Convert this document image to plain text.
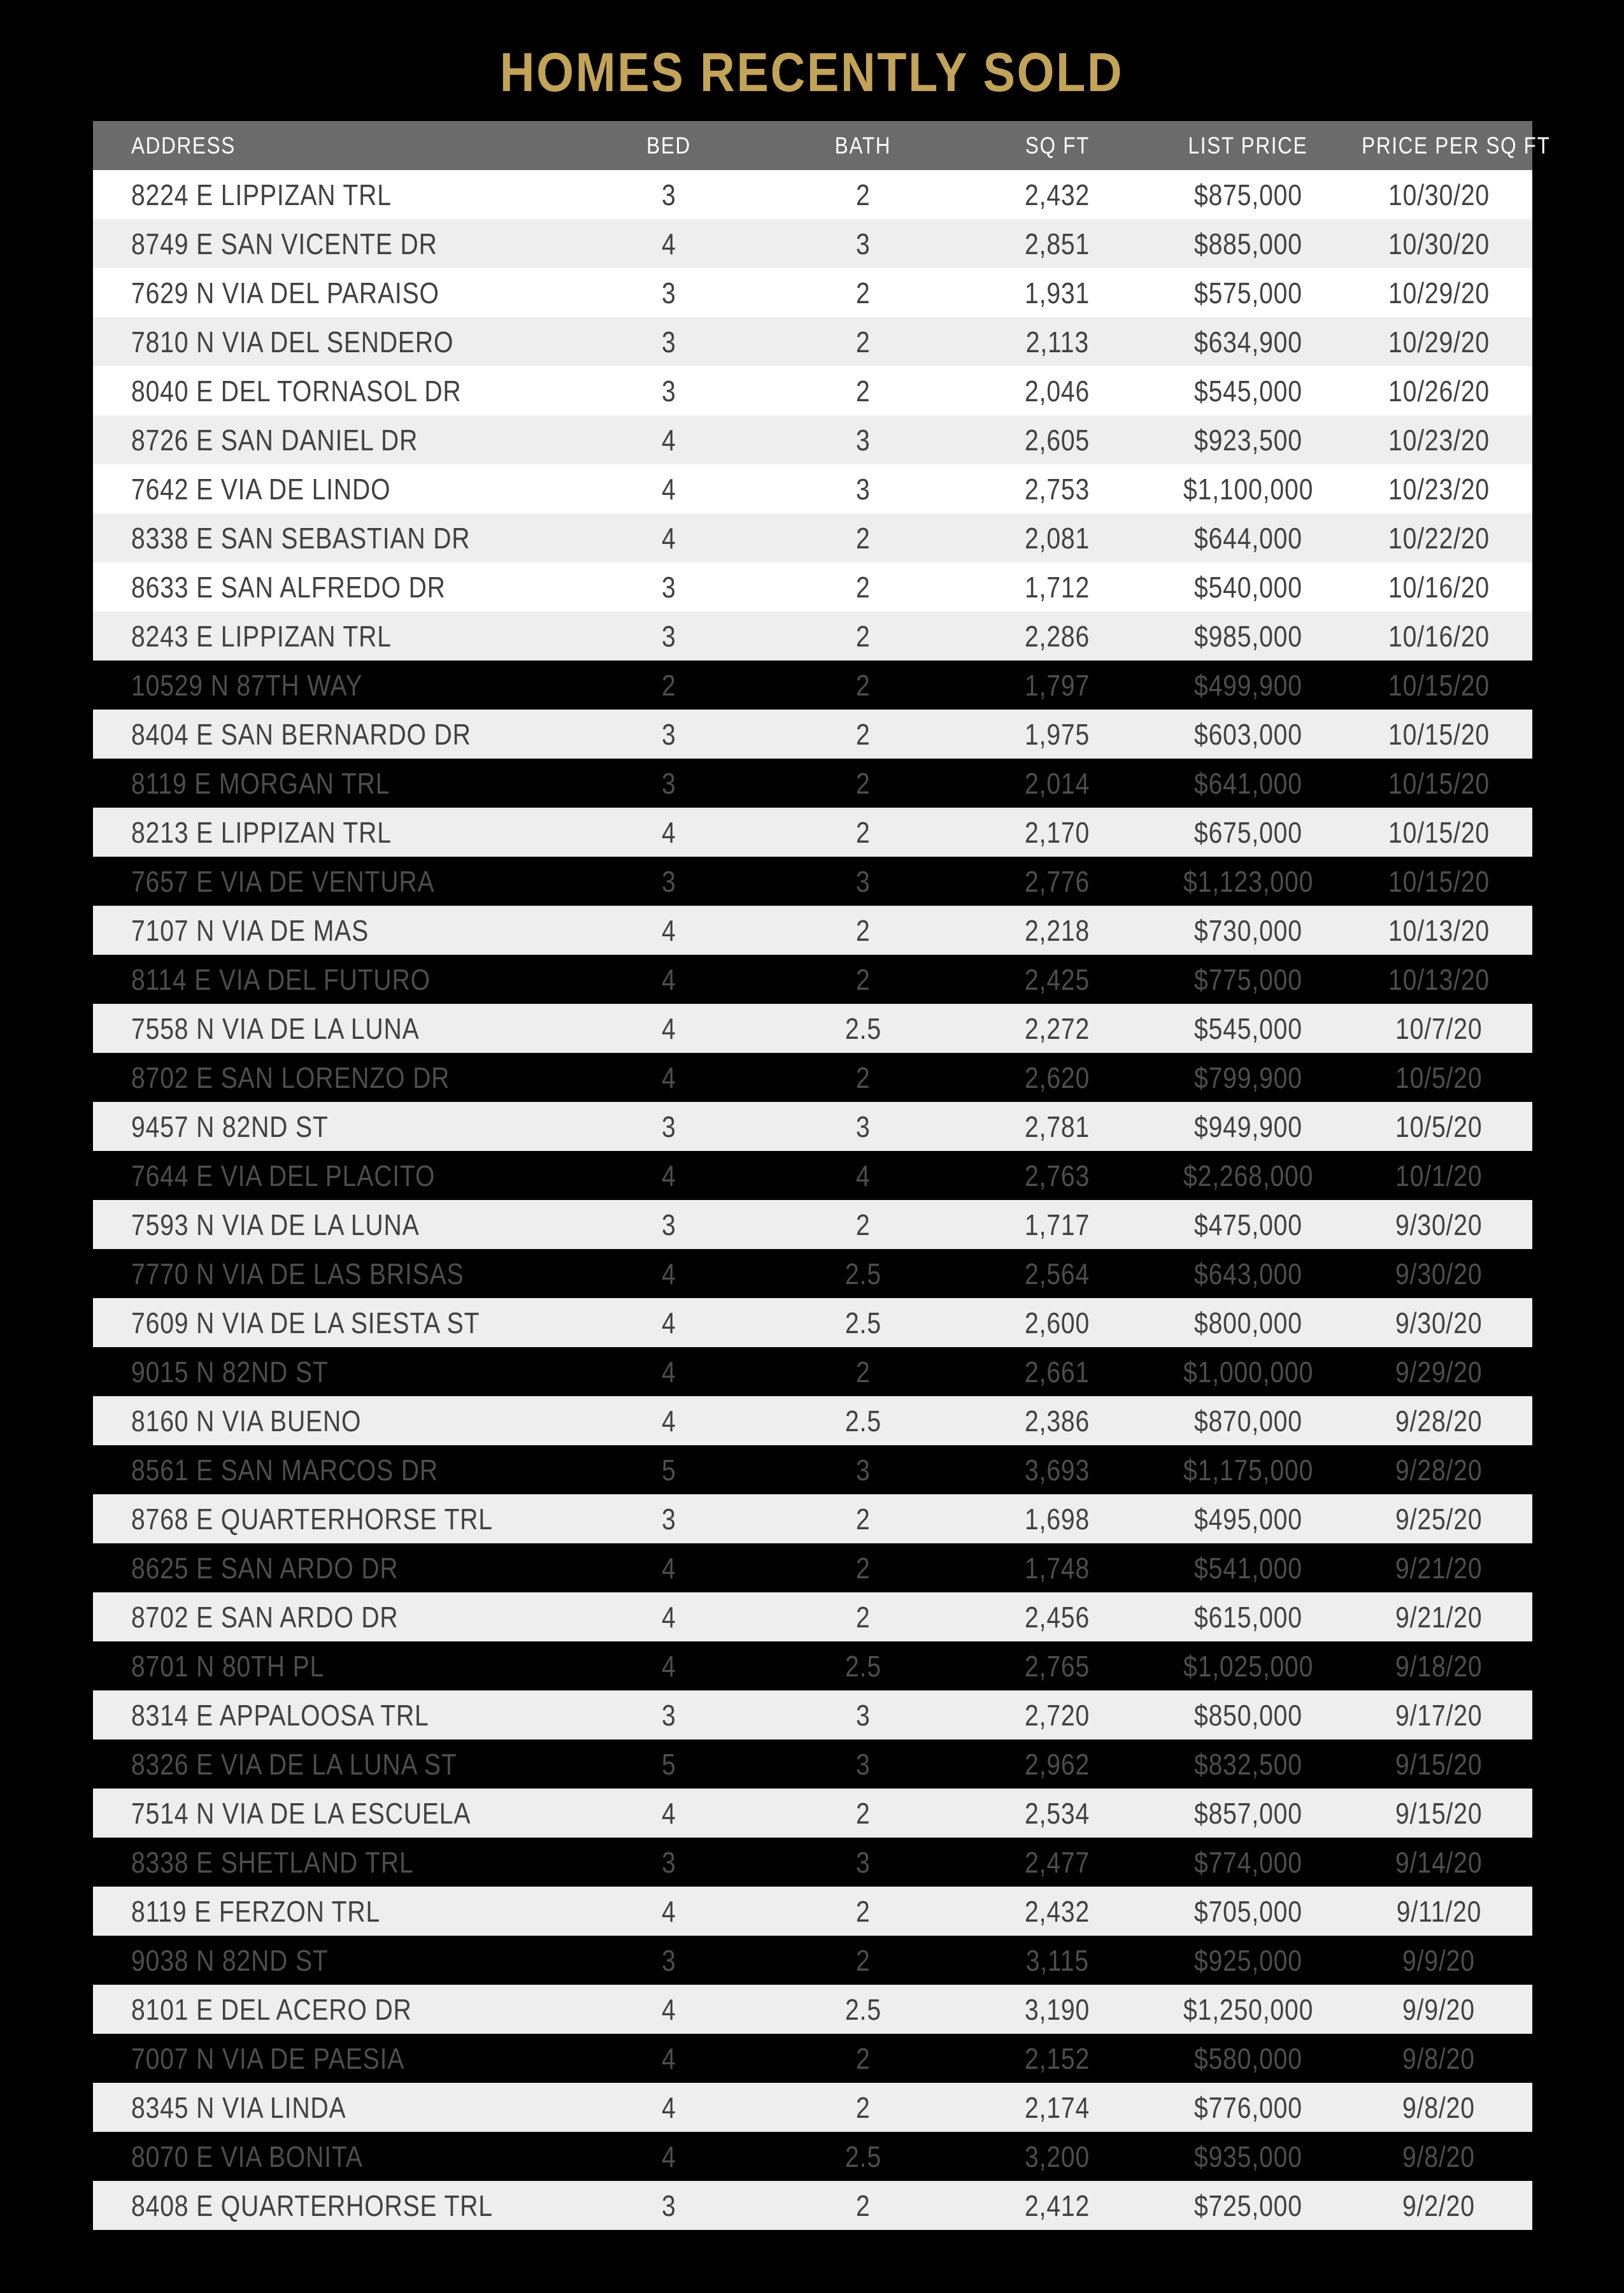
HOMES RECENTLY SOLD
ADDRESS	BED	BATH	SQ FT	LIST PRICE	PRICE PER SQ FT
8224 E LIPPIZAN TRL	3	2	2,432	$875,000	10/30/20
8749 E SAN VICENTE DR	4	3	2,851	$885,000	10/30/20
7629 N VIA DEL PARAISO	3	2	1,931	$575,000	10/29/20
7810 N VIA DEL SENDERO	3	2	2,113	$634,900	10/29/20
8040 E DEL TORNASOL DR	3	2	2,046	$545,000	10/26/20
8726 E SAN DANIEL DR	4	3	2,605	$923,500	10/23/20
7642 E VIA DE LINDO	4	3	2,753	$1,100,000	10/23/20
8338 E SAN SEBASTIAN DR	4	2	2,081	$644,000	10/22/20
8633 E SAN ALFREDO DR	3	2	1,712	$540,000	10/16/20
8243 E LIPPIZAN TRL	3	2	2,286	$985,000	10/16/20
10529 N 87TH WAY	2	2	1,797	$499,900	10/15/20
8404 E SAN BERNARDO DR	3	2	1,975	$603,000	10/15/20
8119 E MORGAN TRL	3	2	2,014	$641,000	10/15/20
8213 E LIPPIZAN TRL	4	2	2,170	$675,000	10/15/20
7657 E VIA DE VENTURA	3	3	2,776	$1,123,000	10/15/20
7107 N VIA DE MAS	4	2	2,218	$730,000	10/13/20
8114 E VIA DEL FUTURO	4	2	2,425	$775,000	10/13/20
7558 N VIA DE LA LUNA	4	2.5	2,272	$545,000	10/7/20
8702 E SAN LORENZO DR	4	2	2,620	$799,900	10/5/20
9457 N 82ND ST	3	3	2,781	$949,900	10/5/20
7644 E VIA DEL PLACITO	4	4	2,763	$2,268,000	10/1/20
7593 N VIA DE LA LUNA	3	2	1,717	$475,000	9/30/20
7770 N VIA DE LAS BRISAS	4	2.5	2,564	$643,000	9/30/20
7609 N VIA DE LA SIESTA ST	4	2.5	2,600	$800,000	9/30/20
9015 N 82ND ST	4	2	2,661	$1,000,000	9/29/20
8160 N VIA BUENO	4	2.5	2,386	$870,000	9/28/20
8561 E SAN MARCOS DR	5	3	3,693	$1,175,000	9/28/20
8768 E QUARTERHORSE TRL	3	2	1,698	$495,000	9/25/20
8625 E SAN ARDO DR	4	2	1,748	$541,000	9/21/20
8702 E SAN ARDO DR	4	2	2,456	$615,000	9/21/20
8701 N 80TH PL	4	2.5	2,765	$1,025,000	9/18/20
8314 E APPALOOSA TRL	3	3	2,720	$850,000	9/17/20
8326 E VIA DE LA LUNA ST	5	3	2,962	$832,500	9/15/20
7514 N VIA DE LA ESCUELA	4	2	2,534	$857,000	9/15/20
8338 E SHETLAND TRL	3	3	2,477	$774,000	9/14/20
8119 E FERZON TRL	4	2	2,432	$705,000	9/11/20
9038 N 82ND ST	3	2	3,115	$925,000	9/9/20
8101 E DEL ACERO DR	4	2.5	3,190	$1,250,000	9/9/20
7007 N VIA DE PAESIA	4	2	2,152	$580,000	9/8/20
8345 N VIA LINDA	4	2	2,174	$776,000	9/8/20
8070 E VIA BONITA	4	2.5	3,200	$935,000	9/8/20
8408 E QUARTERHORSE TRL	3	2	2,412	$725,000	9/2/20
